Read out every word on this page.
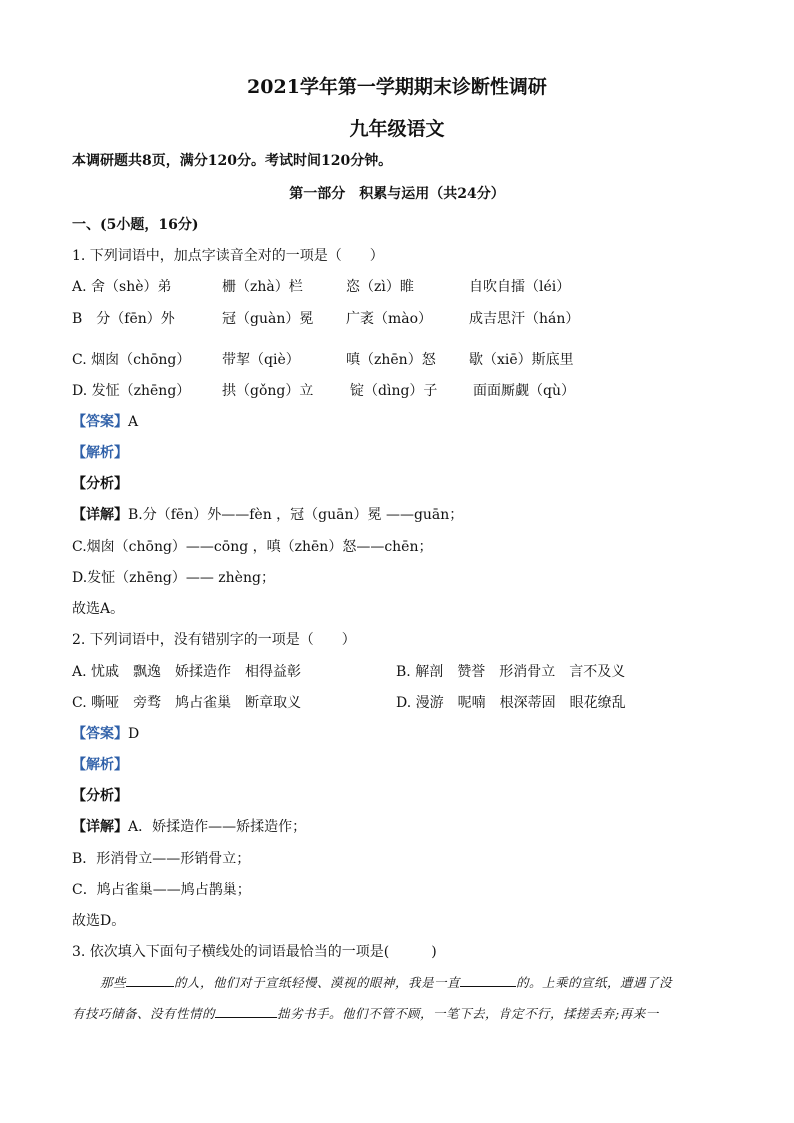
2021学年第一学期期末诊断性调研
九年级语文
本调研题共8页，满分120分。考试时间120分钟。
第一部分　积累与运用（共24分）
一、(5小题，16分)
1. 下列词语中，加点字读音全对的一项是（　　）
A. 舍（shè）弟	栅（zhà）栏	恣（zì）睢	自吹自擂（léi）
B　分（fēn）外	冠（guàn）冕 广袤（mào）	成吉思汗（hán）
C. 烟囱（chōng） 带挈（qiè）	嗔（zhēn）怒 歇（xiē）斯底里
D. 发怔（zhēng） 拱（gǒng）立	锭（dìng）子	面面厮觑（qù）
【答案】A
【解析】
【分析】
【详解】B.分（fēn）外——fèn ，冠（guān）冕 ——guān；
C.烟囱（chōng）——cōng ，嗔（zhēn）怒——chēn；
D.发怔（zhēng）—— zhèng；
故选A。
2. 下列词语中，没有错别字的一项是（　　）
A. 忧戚　飘逸　娇揉造作　相得益彰	B. 解剖　赞誉　形消骨立　言不及义
C. 嘶哑　旁骛　鸠占雀巢　断章取义	D. 漫游　呢喃　根深蒂固　眼花缭乱
【答案】D
【解析】
【分析】
【详解】A．娇揉造作——矫揉造作；
B．形消骨立——形销骨立；
C．鸠占雀巢——鸠占鹊巢；
故选D。
3. 依次填入下面句子横线处的词语最恰当的一项是(　　　)
那些	的人，他们对于宣纸轻慢、漠视的眼神，我是一直	的。上乘的宣纸，遭遇了没
有技巧储备、没有性情的	拙劣书手。他们不管不顾，一笔下去，肯定不行，揉搓丢弃;再来一
